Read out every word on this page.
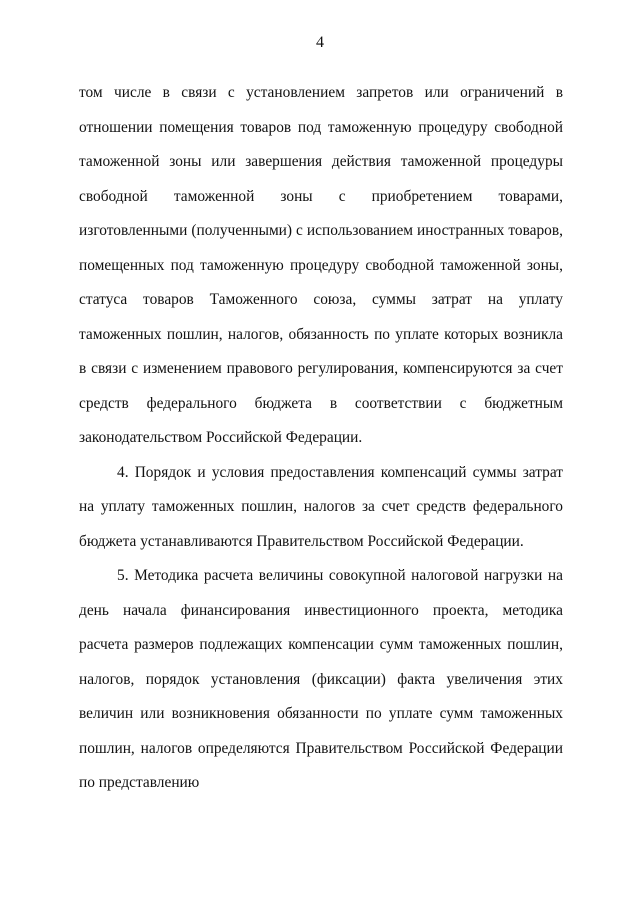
4

том числе в связи с установлением запретов или ограничений в отношении помещения товаров под таможенную процедуру свободной таможенной зоны или завершения действия таможенной процедуры свободной таможенной зоны с приобретением товарами, изготовленными (полученными) с использованием иностранных товаров, помещенных под таможенную процедуру свободной таможенной зоны, статуса товаров Таможенного союза, суммы затрат на уплату таможенных пошлин, налогов, обязанность по уплате которых возникла в связи с изменением правового регулирования, компенсируются за счет средств федерального бюджета в соответствии с бюджетным законодательством Российской Федерации.

4. Порядок и условия предоставления компенсаций суммы затрат на уплату таможенных пошлин, налогов за счет средств федерального бюджета устанавливаются Правительством Российской Федерации.

5. Методика расчета величины совокупной налоговой нагрузки на день начала финансирования инвестиционного проекта, методика расчета размеров подлежащих компенсации сумм таможенных пошлин, налогов, порядок установления (фиксации) факта увеличения этих величин или возникновения обязанности по уплате сумм таможенных пошлин, налогов определяются Правительством Российской Федерации по представлению
